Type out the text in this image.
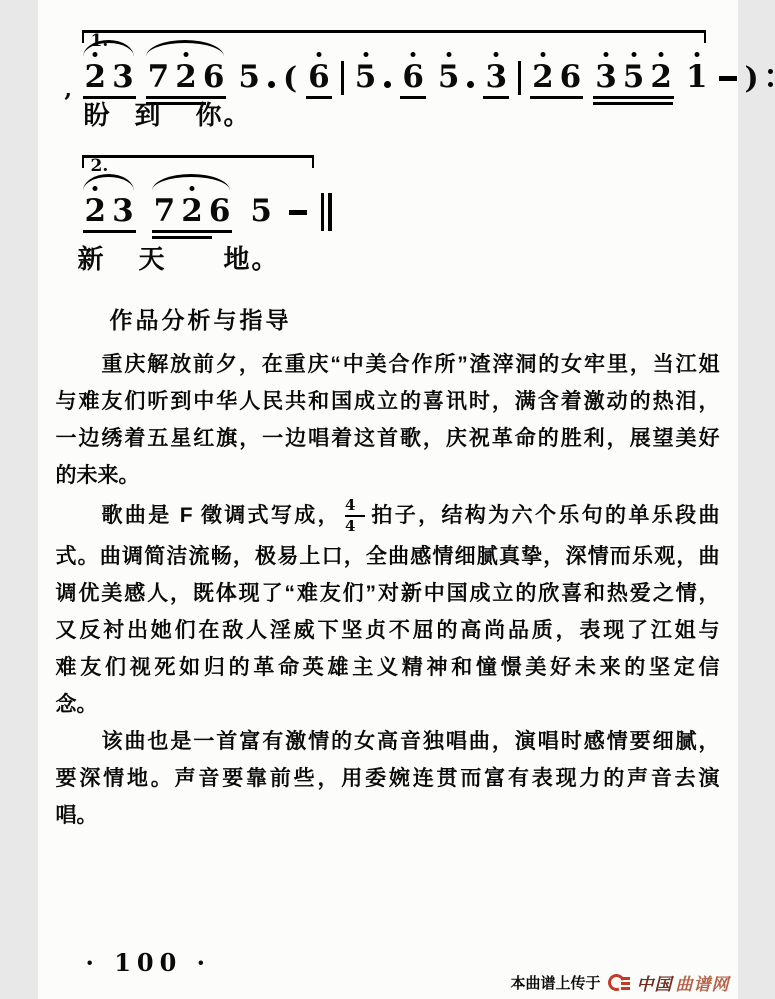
1.
2 3 7 2 6 5 ( 6 5 6 5 3 2 6 3 5 2 1 )
’ 盼 到 你。
2.
2 3 7 2 6 5
新 天 地。
作品分析与指导
重庆解放前夕，在重庆“中美合作所”渣滓洞的女牢里，当江姐
与难友们听到中华人民共和国成立的喜讯时，满含着激动的热泪，
一边绣着五星红旗，一边唱着这首歌，庆祝革命的胜利，展望美好
的未来。
歌曲是 F 徵调式写成， $\frac{4}{4}$ 拍子，结构为六个乐句的单乐段曲
式。曲调简洁流畅，极易上口，全曲感情细腻真挚，深情而乐观，曲
调优美感人，既体现了“难友们”对新中国成立的欣喜和热爱之情，
又反衬出她们在敌人淫威下坚贞不屈的高尚品质，表现了江姐与
难友们视死如归的革命英雄主义精神和憧憬美好未来的坚定信
念。
该曲也是一首富有激情的女高音独唱曲，演唱时感情要细腻，
要深情地。声音要靠前些，用委婉连贯而富有表现力的声音去演
唱。
· 100 ·
本曲谱上传于 中国 曲谱网
